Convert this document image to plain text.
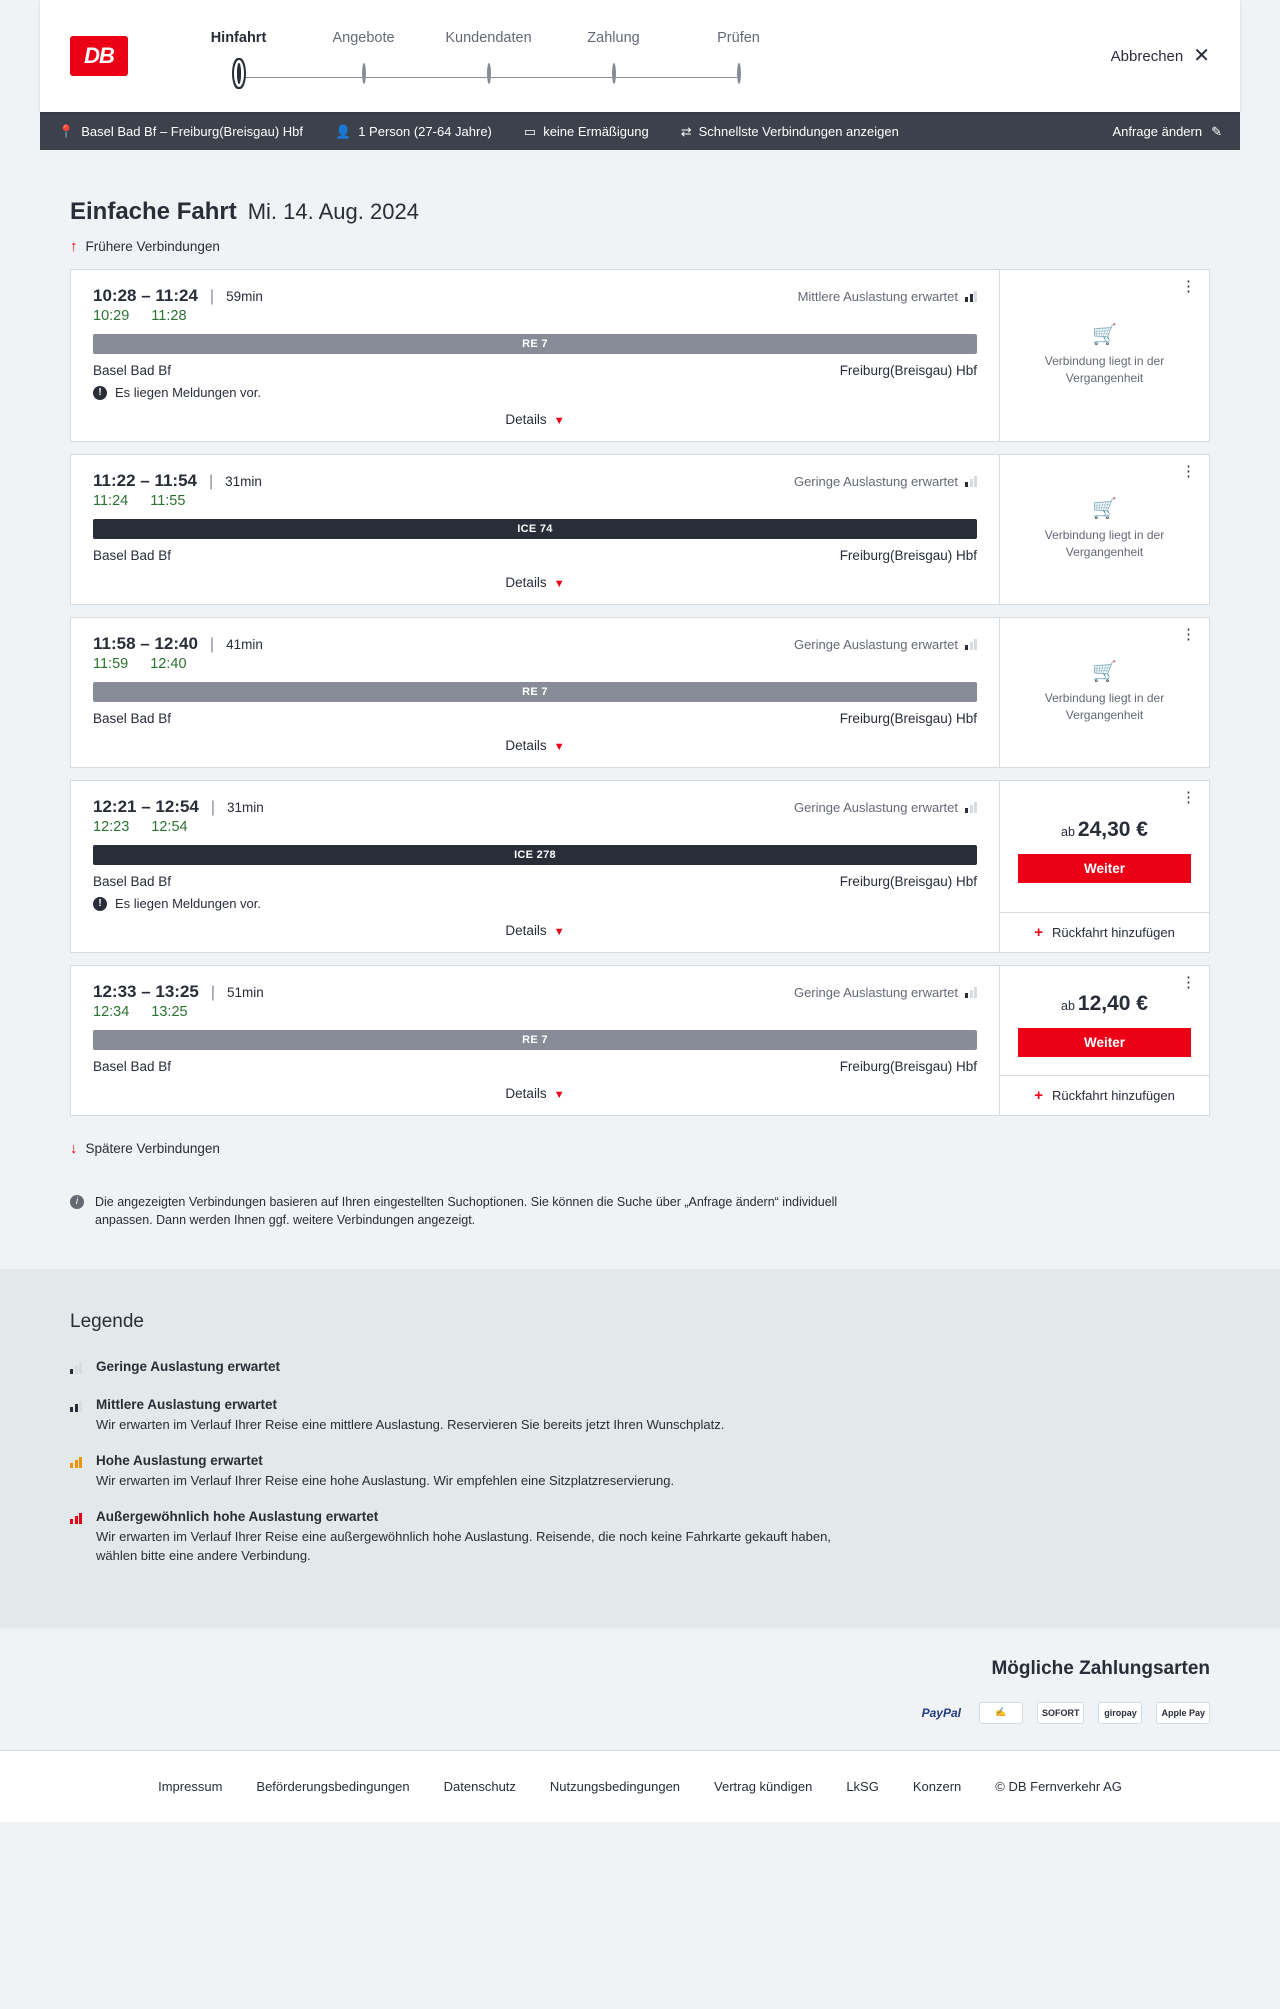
DB
Hinfahrt	Angebote	Kundendaten	Zahlung	Prüfen
Abbrechen ✕
📍 Basel Bad Bf – Freiburg(Breisgau) Hbf 👤 1 Person (27-64 Jahre) ▭ keine Ermäßigung ⇄ Schnellste Verbindungen anzeigen	Anfrage ändern ✎
Einfache Fahrt Mi. 14. Aug. 2024
↑ Frühere Verbindungen
10:28 – 11:24 | 59min	Mittlere Auslastung erwartet
10:29 11:28
RE 7
Basel Bad Bf	Freiburg(Breisgau) Hbf
!	Es liegen Meldungen vor.
Details ▼
⋮
🛒
Verbindung liegt in der Vergangenheit
11:22 – 11:54 | 31min	Geringe Auslastung erwartet
11:24 11:55
ICE 74
Basel Bad Bf	Freiburg(Breisgau) Hbf
Details ▼
⋮
🛒
Verbindung liegt in der Vergangenheit
11:58 – 12:40 | 41min	Geringe Auslastung erwartet
11:59 12:40
RE 7
Basel Bad Bf	Freiburg(Breisgau) Hbf
Details ▼
⋮
🛒
Verbindung liegt in der Vergangenheit
12:21 – 12:54 | 31min	Geringe Auslastung erwartet
12:23 12:54
ICE 278
Basel Bad Bf	Freiburg(Breisgau) Hbf
!	Es liegen Meldungen vor.
Details ▼
⋮
ab 24,30 €
Weiter
+ Rückfahrt hinzufügen
12:33 – 13:25 | 51min	Geringe Auslastung erwartet
12:34 13:25
RE 7
Basel Bad Bf	Freiburg(Breisgau) Hbf
Details ▼
⋮
ab 12,40 €
Weiter
+ Rückfahrt hinzufügen
↓ Spätere Verbindungen
i	Die angezeigten Verbindungen basieren auf Ihren eingestellten Suchoptionen. Sie können die Suche über „Anfrage ändern“ individuell anpassen. Dann werden Ihnen ggf. weitere Verbindungen angezeigt.
Legende
Geringe Auslastung erwartet
Mittlere Auslastung erwartet

Wir erwarten im Verlauf Ihrer Reise eine mittlere Auslastung. Reservieren Sie bereits jetzt Ihren Wunschplatz.

Hohe Auslastung erwartet

Wir erwarten im Verlauf Ihrer Reise eine hohe Auslastung. Wir empfehlen eine Sitzplatzreservierung.

Außergewöhnlich hohe Auslastung erwartet

Wir erwarten im Verlauf Ihrer Reise eine außergewöhnlich hohe Auslastung. Reisende, die noch keine Fahrkarte gekauft haben, wählen bitte eine andere Verbindung.

Mögliche Zahlungsarten
PayPal	✍	SOFORT	giropay	Apple Pay
Impressum	Beförderungsbedingungen	Datenschutz	Nutzungsbedingungen	Vertrag kündigen	LkSG	Konzern	© DB Fernverkehr AG
